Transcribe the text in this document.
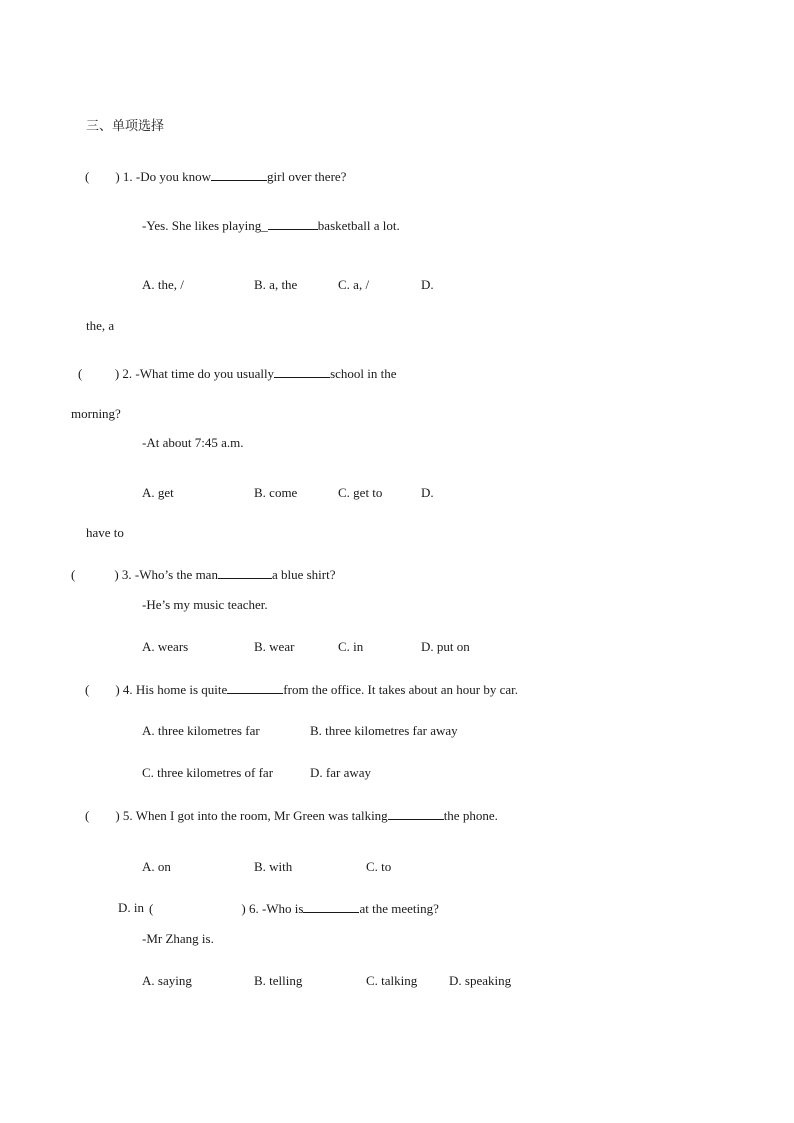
三、单项选择
(        ) 1. -Do you know	girl over there?
-Yes. She likes playing_	basketball a lot.
A. the, /	B. a, the	C. a, /	D.
the, a
(          ) 2. -What time do you usually	school in the
morning?
-At about 7:45 a.m.
A. get	B. come	C. get to	D.
have to
(            ) 3. -Who’s the man	a blue shirt?
-He’s my music teacher.
A. wears	B. wear	C. in	D. put on
(        ) 4. His home is quite	from the office. It takes about an hour by car.
A. three kilometres far	B. three kilometres far away
C. three kilometres of far	D. far away
(        ) 5. When I got into the room, Mr Green was talking	the phone.
A. on	B. with	C. to
D. in (	) 6. -Who is	at the meeting?
-Mr Zhang is.
A. saying	B. telling	C. talking D. speaking
